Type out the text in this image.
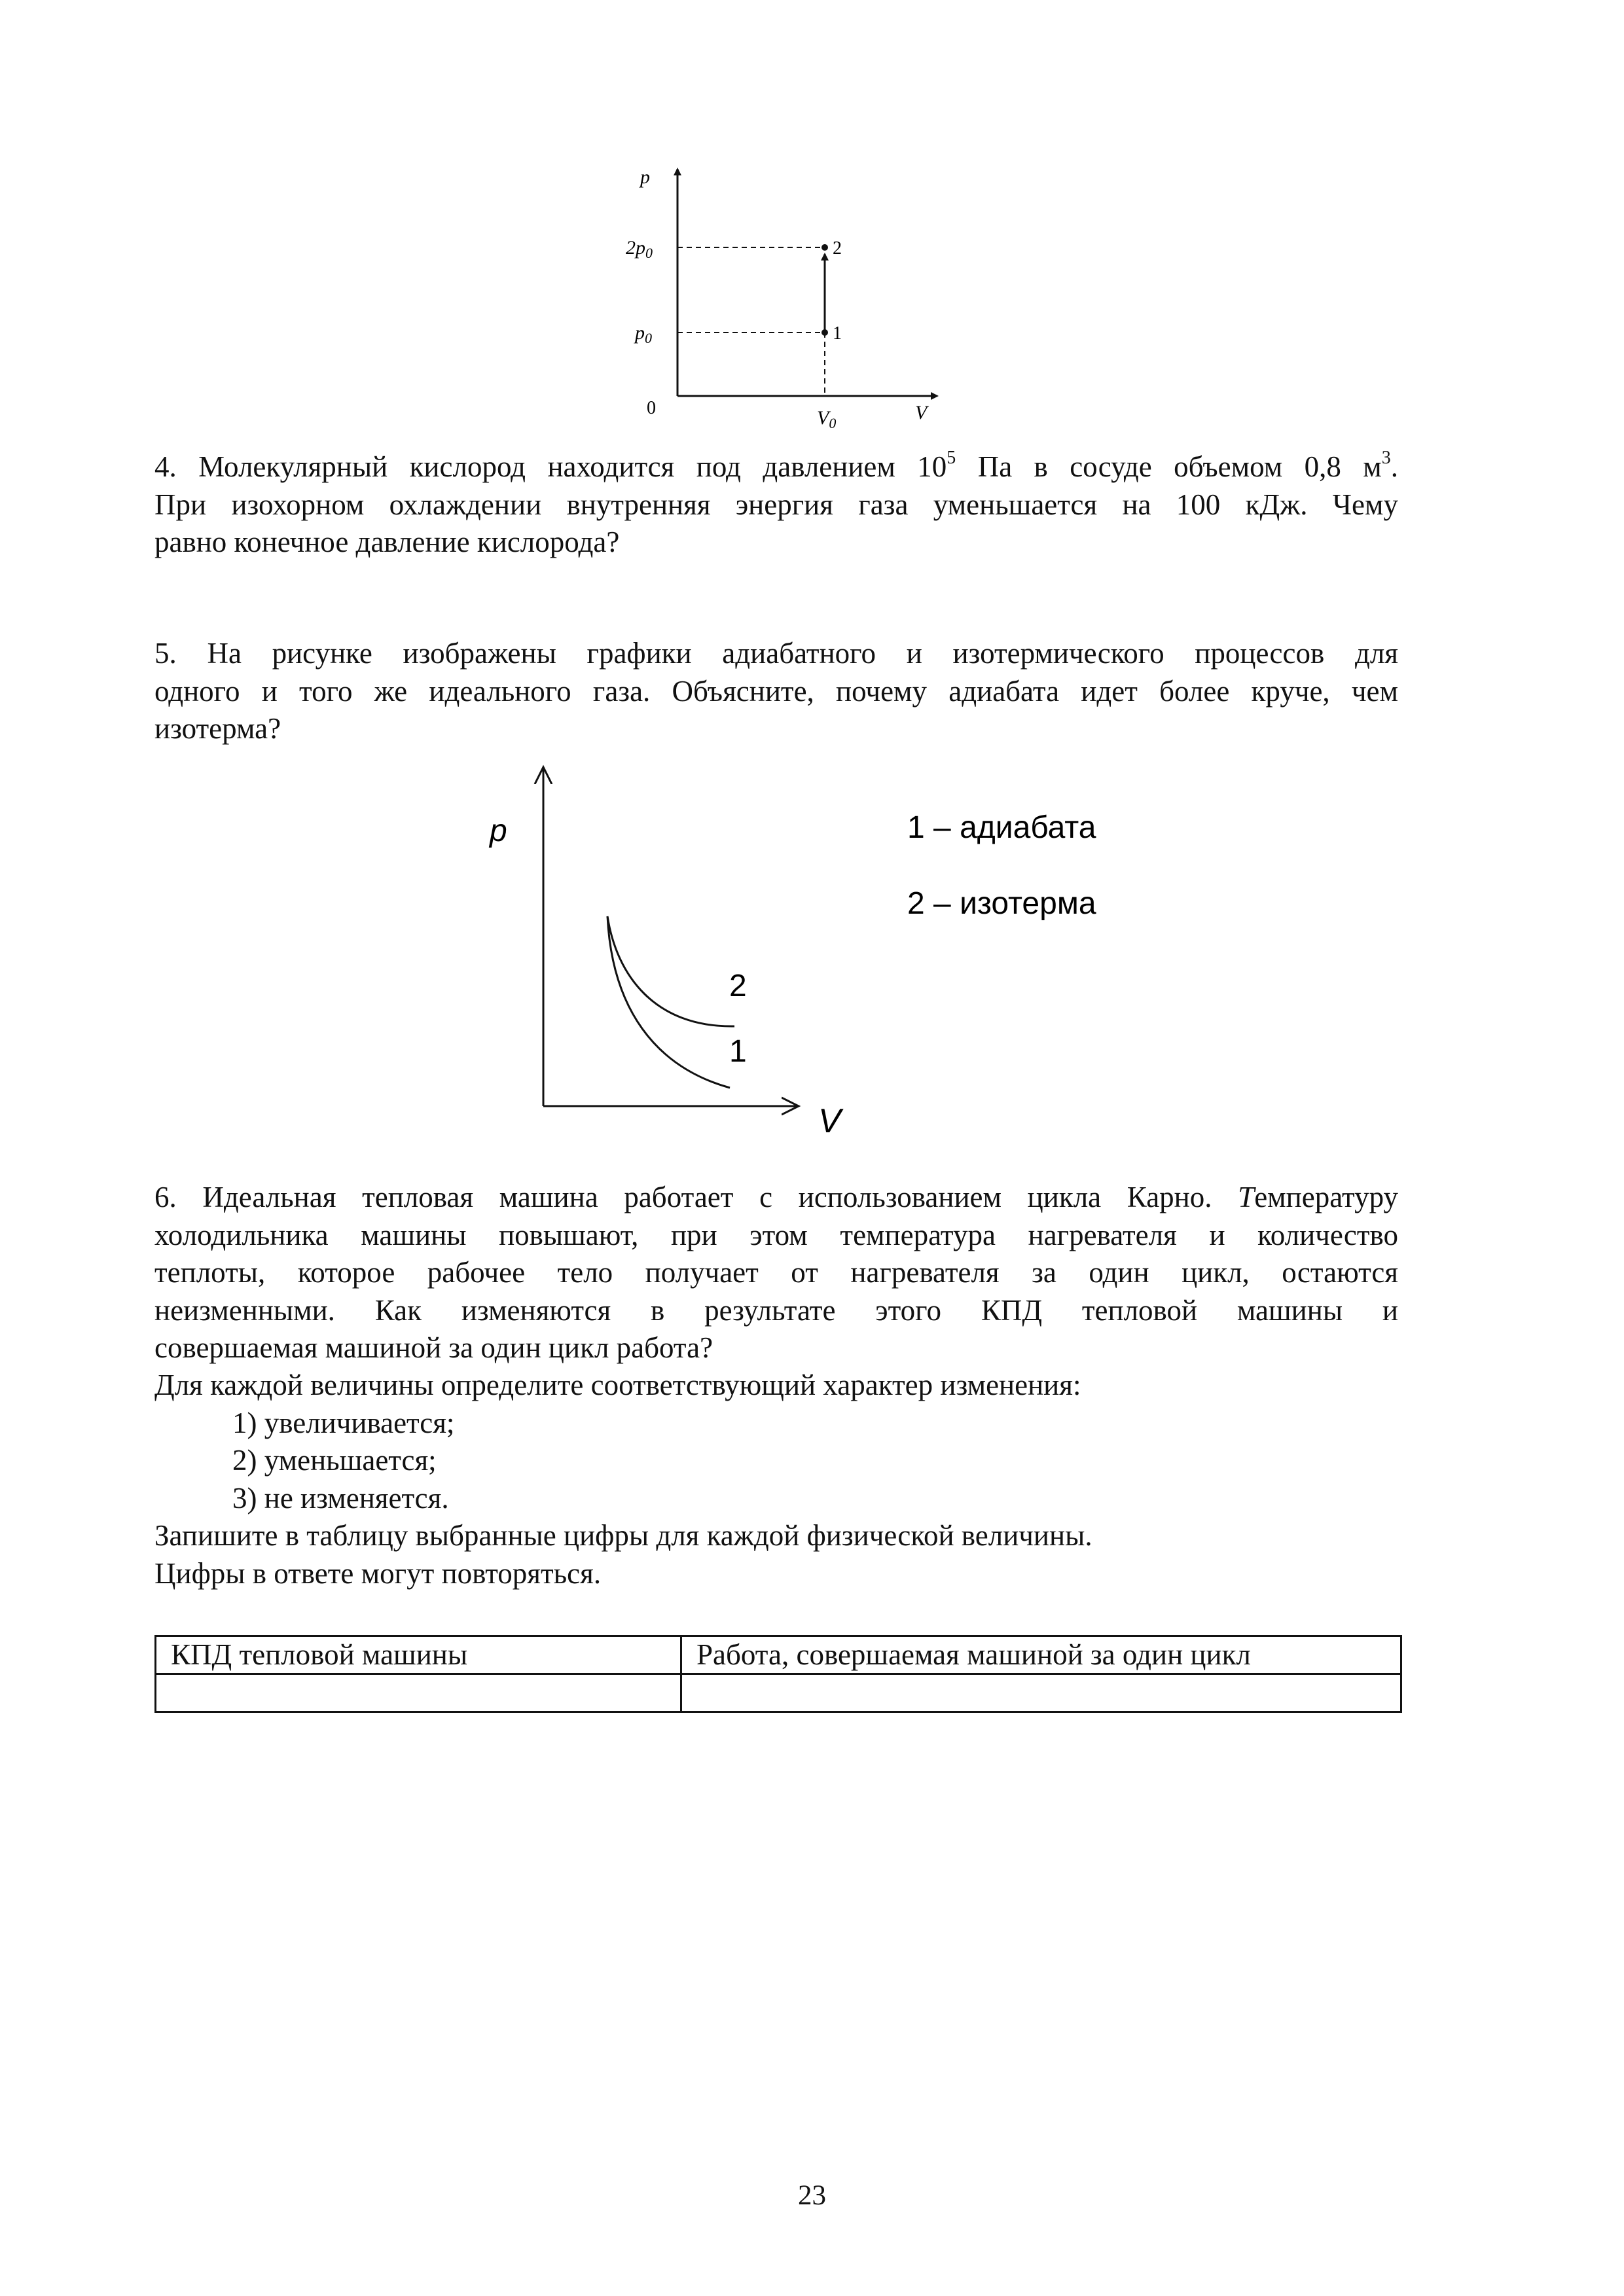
p
$2p_0$
$p_0$
0
2
1
$V_0$	V
4. Молекулярный кислород находится под давлением $10^5$ Па в сосуде объемом 0,8 $м^3$.
При изохорном охлаждении внутренняя энергия газа уменьшается на 100 кДж. Чему
равно конечное давление кислорода?
5. На рисунке изображены графики адиабатного и изотермического процессов для
одного и того же идеального газа. Объясните, почему адиабата идет более круче, чем
изотерма?
p
V
2
1
1 – адиабата
2 – изотерма
6. Идеальная тепловая машина работает с использованием цикла Карно. Температуру
холодильника машины повышают, при этом температура нагревателя и количество
теплоты, которое рабочее тело получает от нагревателя за один цикл, остаются
неизменными. Как изменяются в результате этого КПД тепловой машины и
совершаемая машиной за один цикл работа?
Для каждой величины определите соответствующий характер изменения:
1) увеличивается;
2) уменьшается;
3) не изменяется.
Запишите в таблицу выбранные цифры для каждой физической величины.
Цифры в ответе могут повторяться.
КПД тепловой машины	Работа, совершаемая машиной за один цикл

23
